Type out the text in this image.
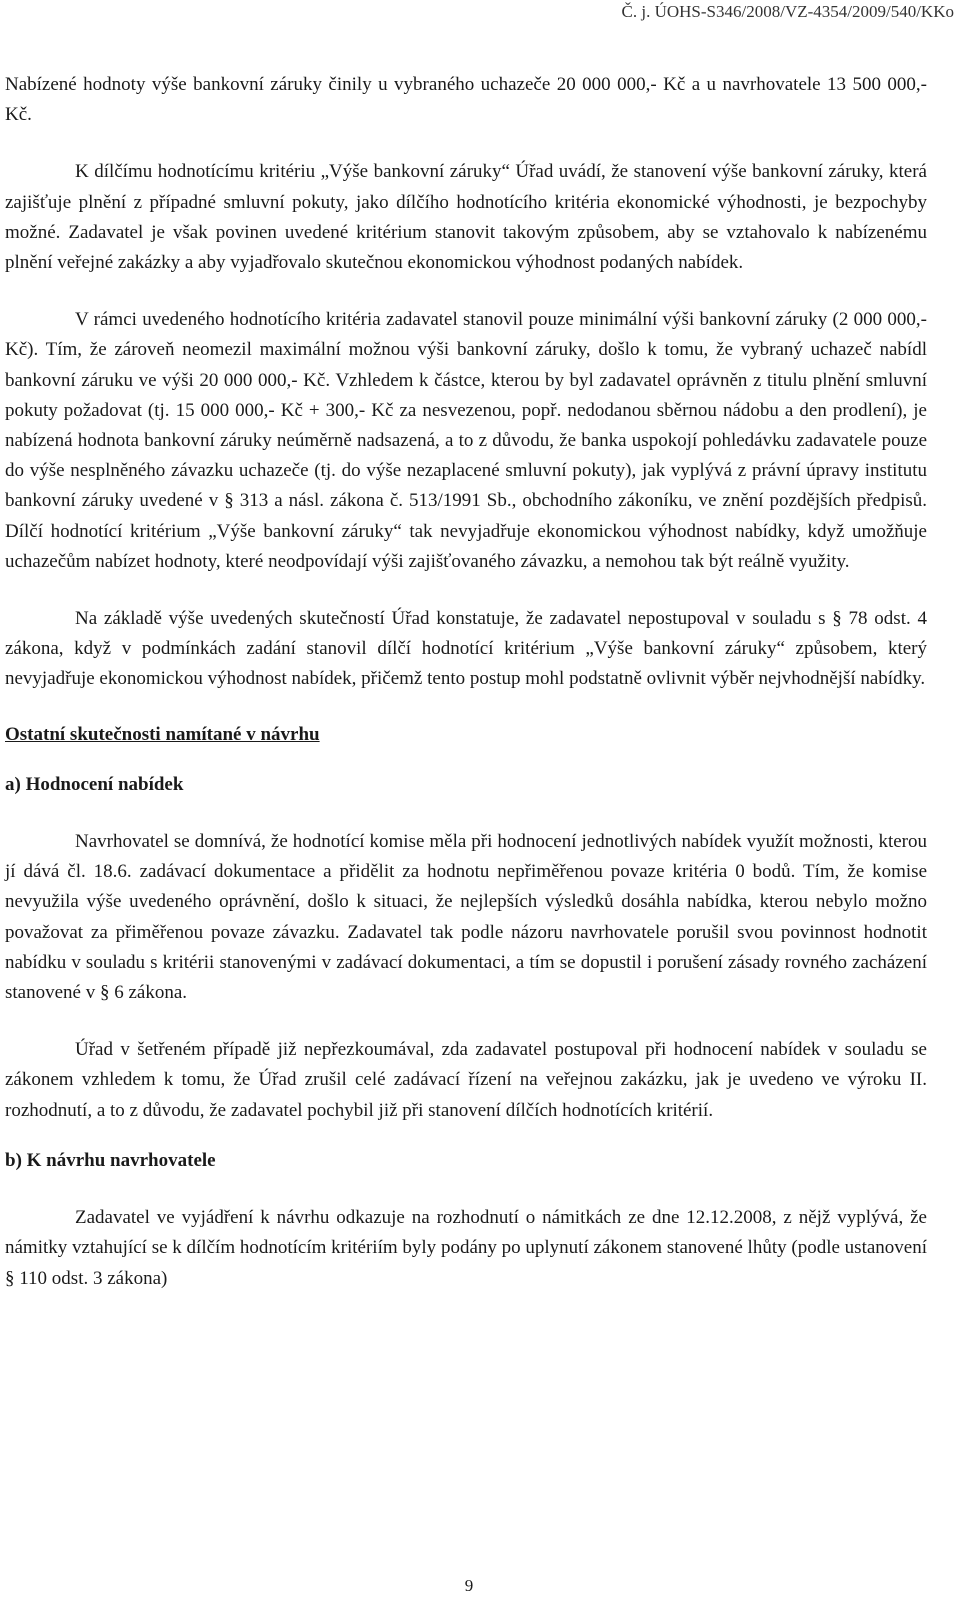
Č. j. ÚOHS-S346/2008/VZ-4354/2009/540/KKo

Nabízené hodnoty výše bankovní záruky činily u vybraného uchazeče 20 000 000,- Kč a u navrhovatele 13 500 000,- Kč.

K dílčímu hodnotícímu kritériu „Výše bankovní záruky“ Úřad uvádí, že stanovení výše bankovní záruky, která zajišťuje plnění z případné smluvní pokuty, jako dílčího hodnotícího kritéria ekonomické výhodnosti, je bezpochyby možné. Zadavatel je však povinen uvedené kritérium stanovit takovým způsobem, aby se vztahovalo k nabízenému plnění veřejné zakázky a aby vyjadřovalo skutečnou ekonomickou výhodnost podaných nabídek.

V rámci uvedeného hodnotícího kritéria zadavatel stanovil pouze minimální výši bankovní záruky (2 000 000,- Kč). Tím, že zároveň neomezil maximální možnou výši bankovní záruky, došlo k tomu, že vybraný uchazeč nabídl bankovní záruku ve výši 20 000 000,- Kč. Vzhledem k částce, kterou by byl zadavatel oprávněn z titulu plnění smluvní pokuty požadovat (tj. 15 000 000,- Kč + 300,- Kč za nesvezenou, popř. nedodanou sběrnou nádobu a den prodlení), je nabízená hodnota bankovní záruky neúměrně nadsazená, a to z důvodu, že banka uspokojí pohledávku zadavatele pouze do výše nesplněného závazku uchazeče (tj. do výše nezaplacené smluvní pokuty), jak vyplývá z právní úpravy institutu bankovní záruky uvedené v § 313 a násl. zákona č. 513/1991 Sb., obchodního zákoníku, ve znění pozdějších předpisů. Dílčí hodnotící kritérium „Výše bankovní záruky“ tak nevyjadřuje ekonomickou výhodnost nabídky, když umožňuje uchazečům nabízet hodnoty, které neodpovídají výši zajišťovaného závazku, a nemohou tak být reálně využity.

Na základě výše uvedených skutečností Úřad konstatuje, že zadavatel nepostupoval v souladu s § 78 odst. 4 zákona, když v podmínkách zadání stanovil dílčí hodnotící kritérium „Výše bankovní záruky“ způsobem, který nevyjadřuje ekonomickou výhodnost nabídek, přičemž tento postup mohl podstatně ovlivnit výběr nejvhodnější nabídky.

Ostatní skutečnosti namítané v návrhu

a) Hodnocení nabídek

Navrhovatel se domnívá, že hodnotící komise měla při hodnocení jednotlivých nabídek využít možnosti, kterou jí dává čl. 18.6. zadávací dokumentace a přidělit za hodnotu nepřiměřenou povaze kritéria 0 bodů. Tím, že komise nevyužila výše uvedeného oprávnění, došlo k situaci, že nejlepších výsledků dosáhla nabídka, kterou nebylo možno považovat za přiměřenou povaze závazku. Zadavatel tak podle názoru navrhovatele porušil svou povinnost hodnotit nabídku v souladu s kritérii stanovenými v zadávací dokumentaci, a tím se dopustil i porušení zásady rovného zacházení stanovené v § 6 zákona.

Úřad v šetřeném případě již nepřezkoumával, zda zadavatel postupoval při hodnocení nabídek v souladu se zákonem vzhledem k tomu, že Úřad zrušil celé zadávací řízení na veřejnou zakázku, jak je uvedeno ve výroku II. rozhodnutí, a to z důvodu, že zadavatel pochybil již při stanovení dílčích hodnotících kritérií.

b) K návrhu navrhovatele

Zadavatel ve vyjádření k návrhu odkazuje na rozhodnutí o námitkách ze dne 12.12.2008, z nějž vyplývá, že námitky vztahující se k dílčím hodnotícím kritériím byly podány po uplynutí zákonem stanovené lhůty (podle ustanovení § 110 odst. 3 zákona)

9
